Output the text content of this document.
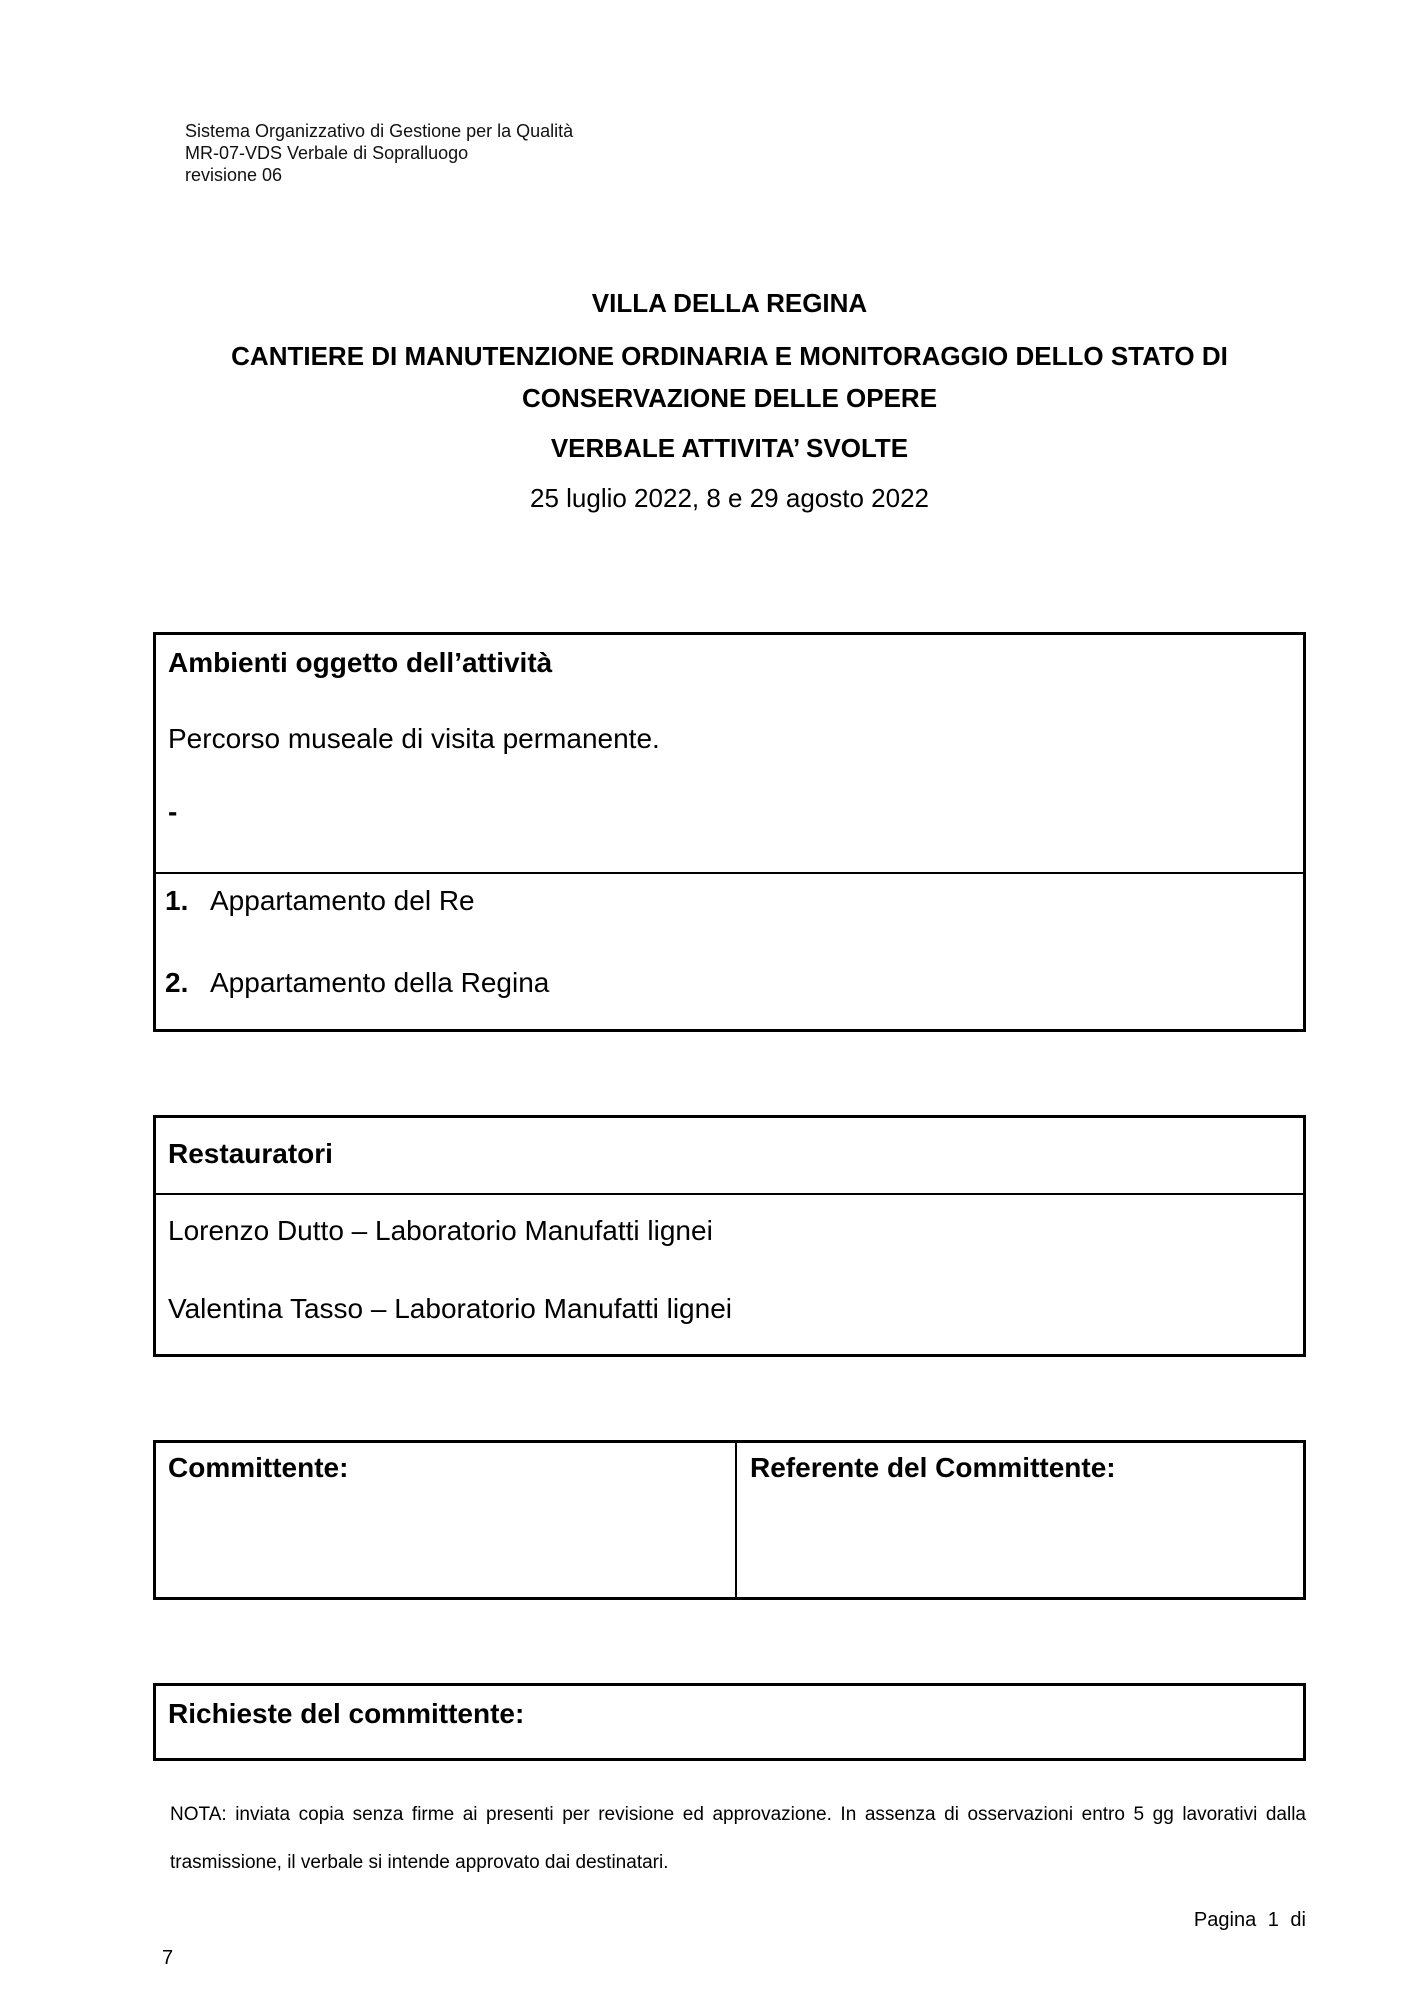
Sistema Organizzativo di Gestione per la Qualità
MR-07-VDS Verbale di Sopralluogo
revisione 06
VILLA DELLA REGINA
CANTIERE DI MANUTENZIONE ORDINARIA E MONITORAGGIO DELLO STATO DI CONSERVAZIONE DELLE OPERE
VERBALE ATTIVITA’ SVOLTE
25 luglio 2022, 8 e 29 agosto 2022
Ambienti oggetto dell’attività
Percorso museale di visita permanente.
-
1. Appartamento del Re
2. Appartamento della Regina
Restauratori
Lorenzo Dutto – Laboratorio Manufatti lignei
Valentina Tasso – Laboratorio Manufatti lignei
Committente:	Referente del Committente:
Richieste del committente:
NOTA: inviata copia senza firme ai presenti per revisione ed approvazione. In assenza di osservazioni entro 5 gg lavorativi dalla
trasmissione, il verbale si intende approvato dai destinatari.
Pagina 1 di
7
